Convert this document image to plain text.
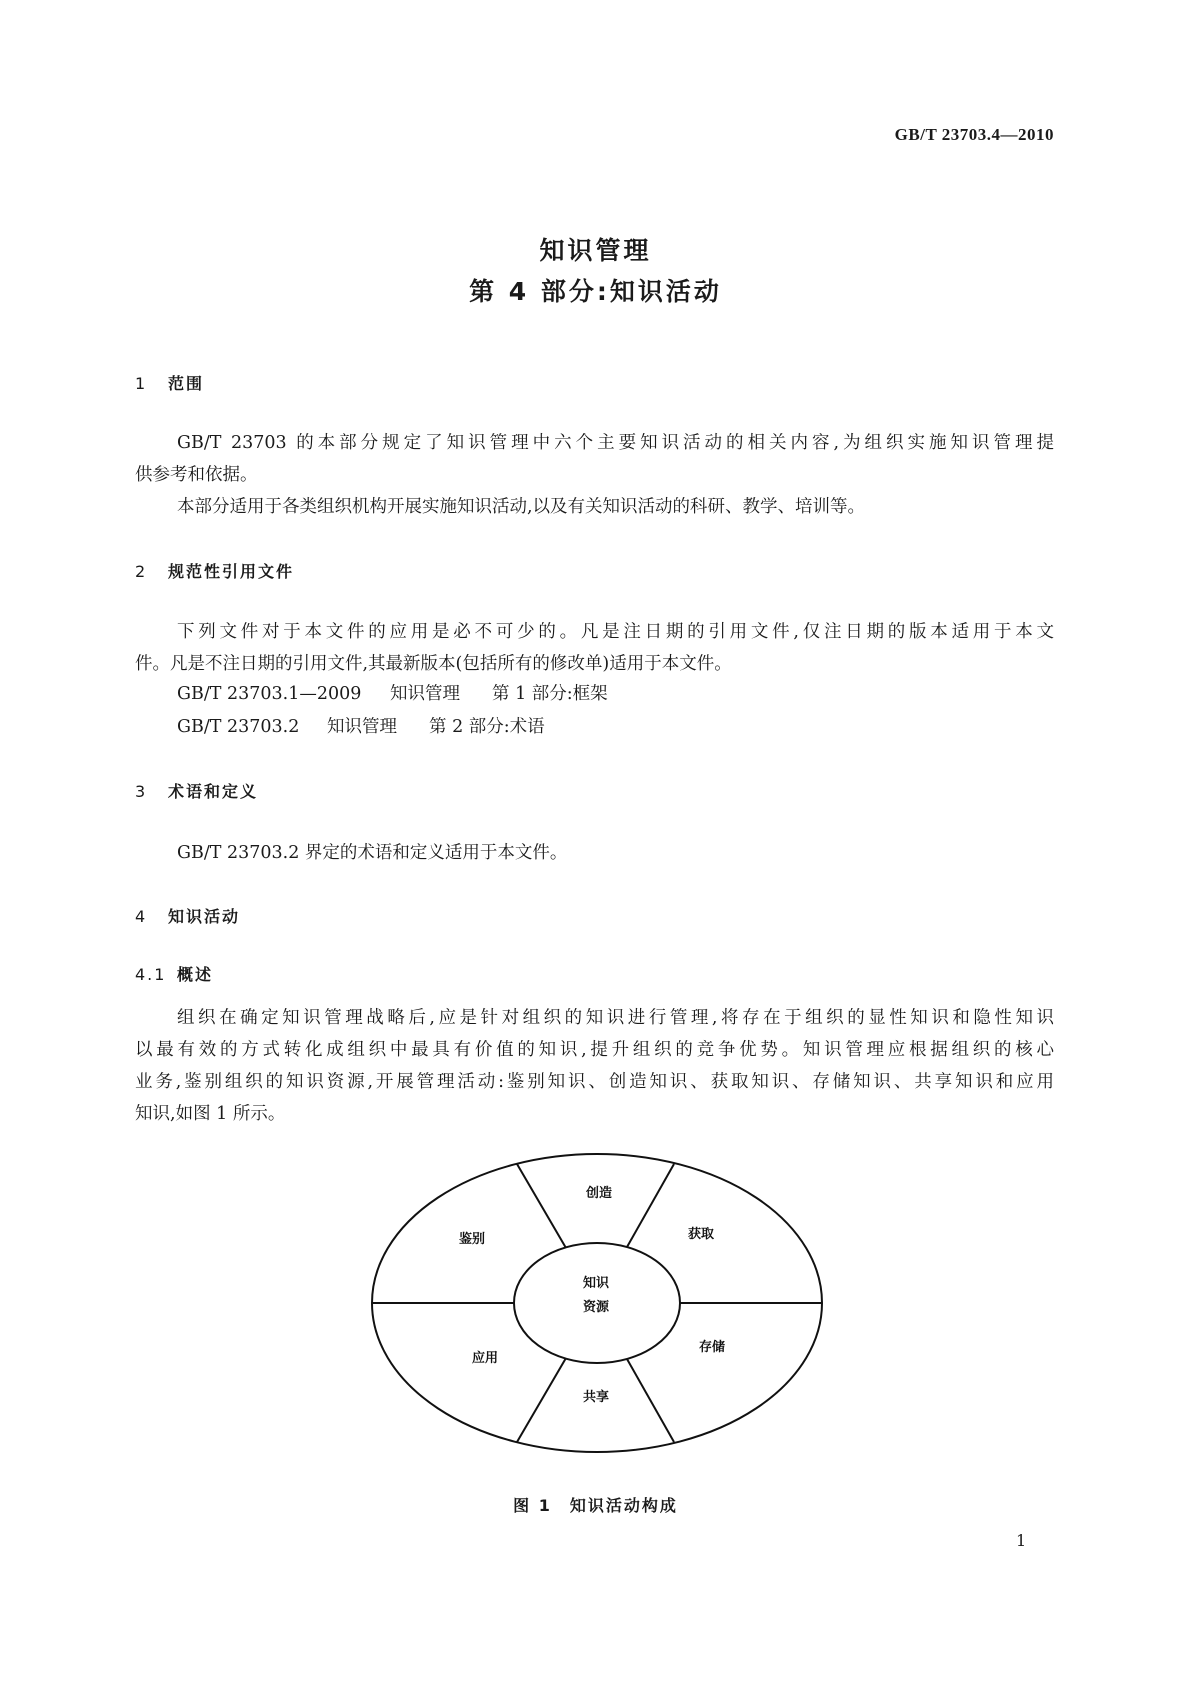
GB/T 23703.4—2010
知识管理
第 4 部分:知识活动
1 范围
GB/T 23703 的本部分规定了知识管理中六个主要知识活动的相关内容,为组织实施知识管理提
供参考和依据。
本部分适用于各类组织机构开展实施知识活动,以及有关知识活动的科研、教学、培训等。
2 规范性引用文件
下列文件对于本文件的应用是必不可少的。凡是注日期的引用文件,仅注日期的版本适用于本文
件。凡是不注日期的引用文件,其最新版本(包括所有的修改单)适用于本文件。
GB/T 23703.1—2009 知识管理 第 1 部分:框架
GB/T 23703.2 知识管理 第 2 部分:术语
3 术语和定义
GB/T 23703.2 界定的术语和定义适用于本文件。
4 知识活动
4.1 概述
组织在确定知识管理战略后,应是针对组织的知识进行管理,将存在于组织的显性知识和隐性知识
以最有效的方式转化成组织中最具有价值的知识,提升组织的竞争优势。知识管理应根据组织的核心
业务,鉴别组织的知识资源,开展管理活动:鉴别知识、创造知识、获取知识、存储知识、共享知识和应用
知识,如图 1 所示。
创造
鉴别	获取
知识
资源
应用
存储
共享
图 1　知识活动构成
1
